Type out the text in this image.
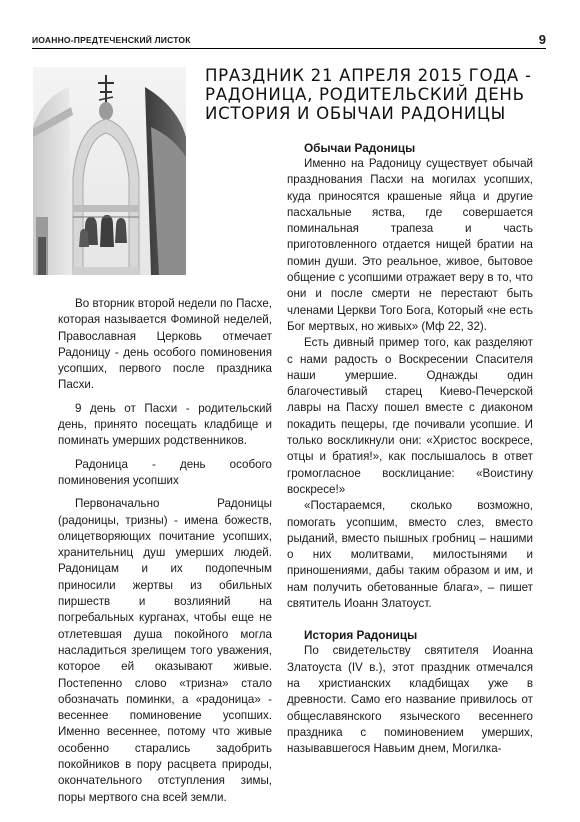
ИОАННО-ПРЕДТЕЧЕНСКИЙ ЛИСТОК	9
ПРАЗДНИК 21 АПРЕЛЯ 2015 ГОДА -
РАДОНИЦА, РОДИТЕЛЬСКИЙ ДЕНЬ
ИСТОРИЯ И ОБЫЧАИ РАДОНИЦЫ

Во вторник второй недели по Пасхе, которая называется Фоминой неделей, Православная Церковь отмечает Радоницу - день особого поминовения усопших, первого после праздника Пасхи.

9 день от Пасхи - родительский день, принято посещать кладбище и поминать умерших родственников.

Радоница - день особого поминовения усопших

Первоначально Радоницы (радоницы, тризны) - имена божеств, олицетворяющих почитание усопших, хранительниц душ умерших людей. Радоницам и их подопечным приносили жертвы из обильных пиршеств и возлияний на погребальных курганах, чтобы еще не отлетевшая душа покойного могла насладиться зрелищем того уважения, которое ей оказывают живые. Постепенно слово «тризна» стало обозначать поминки, а «радоница» - весеннее поминовение усопших. Именно весеннее, потому что живые особенно старались задобрить покойников в пору расцвета природы, окончательного отступления зимы, поры мертвого сна всей земли.

Обычаи Радоницы

Именно на Радоницу существует обычай празднования Пасхи на могилах усопших, куда приносятся крашеные яйца и другие пасхальные яства, где совершается поминальная трапеза и часть приготовленного отдается нищей братии на помин души. Это реальное, живое, бытовое общение с усопшими отражает веру в то, что они и после смерти не перестают быть членами Церкви Того Бога, Который «не есть Бог мертвых, но живых» (Мф 22, 32).

Есть дивный пример того, как разделяют с нами радость о Воскресении Спасителя наши умершие. Однажды один благочестивый старец Киево-Печерской лавры на Пасху пошел вместе с диаконом покадить пещеры, где почивали усопшие. И только воскликнули они: «Христос воскресе, отцы и братия!», как послышалось в ответ громогласное восклицание: «Воистину воскресе!»

«Постараемся, сколько возможно, помогать усопшим, вместо слез, вместо рыданий, вместо пышных гробниц – нашими о них молитвами, милостынями и приношениями, дабы таким образом и им, и нам получить обетованные блага», – пишет святитель Иоанн Златоуст.

История Радоницы

По свидетельству святителя Иоанна Златоуста (IV в.), этот праздник отмечался на христианских кладбищах уже в древности. Само его название привилось от общеславянского языческого весеннего праздника с поминовением умерших, называвшегося Навьим днем, Могилка-
